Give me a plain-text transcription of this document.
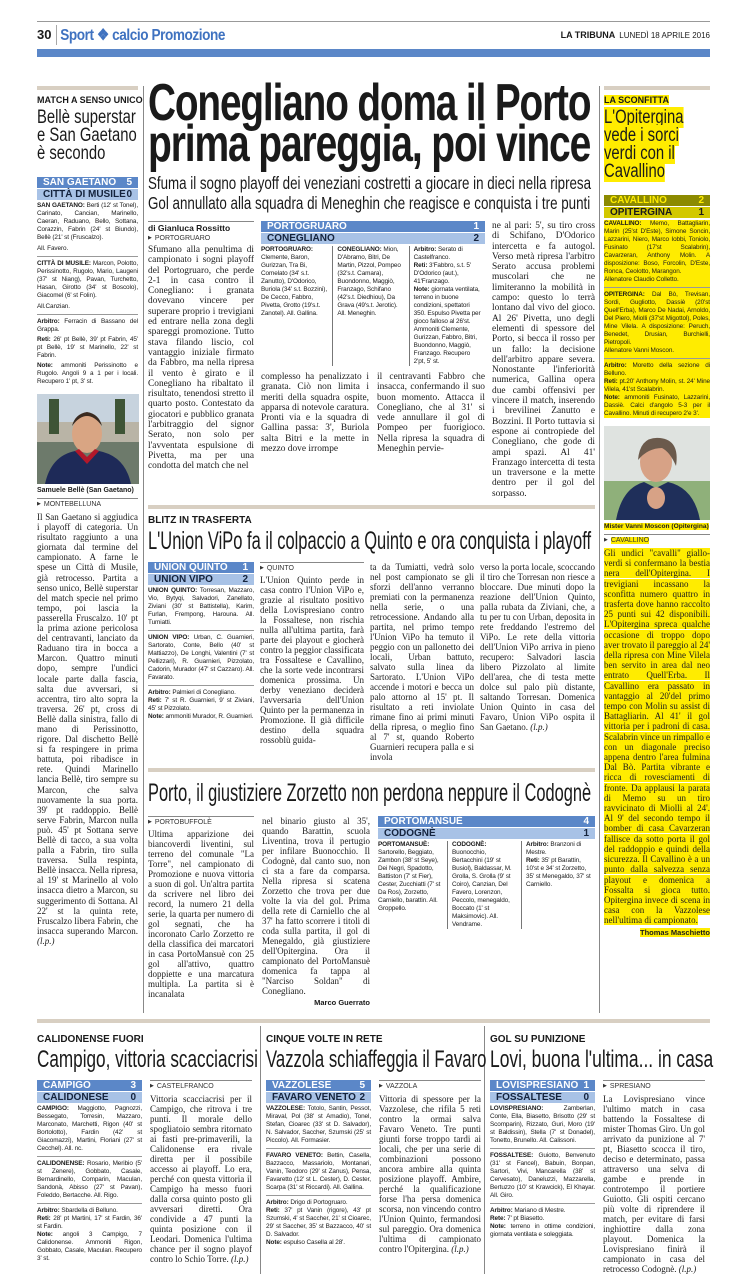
30 Sport ❖ calcio Promozione	LA TRIBUNA LUNEDÌ 18 APRILE 2016
MATCH A SENSO UNICO
Bellè superstar e San Gaetano è secondo
SAN GAETANO 5
CITTÀ DI MUSILE 0

SAN GAETANO: Berti (12' st Tonel), Carinato, Cancian, Marinello, Caeran, Raduano, Bello, Sottana, Corazzin, Fabrin (24' st Biundo), Bellè (21' st (Fruscalzo).

All. Favero.

CITTÀ DI MUSILE: Marcon, Polotto, Perissinotto, Rugolo, Mario, Laugeni (37' st Niang), Pavan, Turchetto, Hasan, Girotto (34' st Boscolo), Giacomel (6' st Folin).

All.Canzian.

Arbitro: Ferracin di Bassano del Grappa.

Reti: 26' pt Bellè, 39' pt Fabrin, 45' pt Bellè, 19' st Marinello, 22' st Fabrin.

Note: ammoniti Perissinotto e Rugolo. Angoli 9 a 1 per i locali. Recupero 1' pt, 3' st.

Samuele Bellè (San Gaetano)
▶ MONTEBELLUNA
Il San Gaetano si aggiudica i playoff di categoria. Un risultato raggiunto a una giornata dal termine del campionato. A farne le spese un Città di Musile, già retrocesso. Partita a senso unico, Bellè superstar del match specie nel primo tempo, poi lascia la passerella Fruscalzo. 10' pt la prima azione pericolosa del centravanti, lanciato da Raduano tira in bocca a Marcon. Quattro minuti dopo, sempre l'undici locale parte dalla fascia, salta due avversari, si accentra, tiro alto sopra la traversa. 26' pt, cross di Bellè dalla sinistra, fallo di mano di Perissinotto, rigore. Dal dischetto Bellè si fa respingere in prima battuta, poi ribadisce in rete. Quindi Marinello lancia Bellè, tiro sempre su Marcon, che salva nuovamente la sua porta. 39' pt raddoppio. Bellè serve Fabrin, Marcon nulla può. 45' pt Sottana serve Bellè di tacco, a sua volta palla a Fabrin, tiro sulla traversa. Sulla respinta, Bellè insacca. Nella ripresa, al 19' st Marinello al volo insacca dietro a Marcon, su suggerimento di Sottana. Al 22' st la quinta rete, Fruscalzo libera Fabrin, che insacca superando Marcon. (l.p.)
Conegliano doma il Porto
prima pareggia, poi vince
Sfuma il sogno playoff dei veneziani costretti a giocare in dieci nella ripresa
Gol annullato alla squadra di Meneghin che reagisce e conquista i tre punti
di Gianluca Rossitto
▶ PORTOGRUARO
Sfumano alla penultima di campionato i sogni playoff del Portogruaro, che perde 2-1 in casa contro il Conegliano: i granata dovevano vincere per superare proprio i trevigiani ed entrare nella zona degli spareggi promozione. Tutto stava filando liscio, col vantaggio iniziale firmato da Fabbro, ma nella ripresa il vento è girato e il Conegliano ha ribaltato il risultato, tenendosi stretto il quarto posto. Contestato da giocatori e pubblico granata l'arbitraggio del signor Serato, non solo per l'avventata espulsione di Pivetta, ma per una condotta del match che nel
PORTOGRUARO	1
CONEGLIANO	2
PORTOGRUARO: Clemente, Baron, Gurizzan, Tra Bi, Comelato (34' s.t. Zanutto), D'Odorico, Buriola (34' s.t. Bozzini), De Cecco, Fabbro, Pivetta, Grotto (19's.t. Zanotel). All. Gallina.
CONEGLIANO: Mion, D'Abramo, Bitri, De Martin, Pizzol, Pompeo (32's.t. Camara), Buondonno, Maggiò, Franzago, Schifano (42's.t. Diedhiou), Da Grava (49's.t. Jerotic). All. Meneghin.

Arbitro: Serato di Castelfranco.

Reti: 3'Fabbro, s.t. 5' D'Odorico (aut.), 41'Franzago.

Note: giornata ventilata, terreno in buone condizioni, spettatori 350. Espulso Pivetta per gioco falloso al 26'st. Ammoniti Clemente, Gurizzan, Fabbro, Bitri, Buondonno, Maggiò, Franzago. Recupero 2'pt, 5' st.

complesso ha penalizzato i granata. Ciò non limita i meriti della squadra ospite, apparsa di notevole caratura. Pronti via e la squadra di Gallina passa: 3', Buriola salta Bitri e la mette in mezzo dove irrompe
il centravanti Fabbro che insacca, confermando il suo buon momento. Attacca il Conegliano, che al 31' si vede annullare il gol di Pompeo per fuorigioco. Nella ripresa la squadra di Meneghin pervie-
ne al pari: 5', su tiro cross di Schifano, D'Odorico intercetta e fa autogol. Verso metà ripresa l'arbitro Serato accusa problemi muscolari che ne limiteranno la mobilità in campo: questo lo terrà lontano dal vivo del gioco. Al 26' Pivetta, uno degli elementi di spessore del Porto, si becca il rosso per un fallo: la decisione dell'arbitro appare severa. Nonostante l'inferiorità numerica, Gallina opera due cambi offensivi per vincere il match, inserendo i brevilinei Zanutto e Bozzini. Il Porto tuttavia si espone ai contropiede del Conegliano, che gode di ampi spazi. Al 41' Franzago intercetta di testa un traversone e la mette dentro per il gol del sorpasso.
BLITZ IN TRASFERTA
L'Union ViPo fa il colpaccio a Quinto e ora conquista i playoff
UNION QUINTO 1
UNION VIPO	2

UNION QUINTO: Torresan, Mazzaro, Vio, Bytyqi, Salvadori, Zanellato, Ziviani (30' st Battistella), Karim, Furlan, Frempong, Harouna. All. Tumiatti.

UNION VIPO: Urban, C. Guarnieri, Sartorato, Conte, Bello (40' st Mattiazzo), De Longhi, Valentini (7' st Pellizzari), R. Guarnieri, Pizzolato, Cadorin, Murador (47' st Cazzaro). All. Favarato.

Arbitro: Palmieri di Conegliano.

Reti: 7' st R. Guarnieri, 9' st Ziviani, 45' st Pizzolato.

Note: ammoniti Murador, R. Guarnieri.

▶ QUINTO
L'Union Quinto perde in casa contro l'Union ViPo e, grazie al risultato positivo della Lovispresiano contro la Fossaltese, non rischia nulla all'ultima partita, farà parte dei playout e giocherà contro la peggior classificata tra Fossaltese e Cavallino, che la sorte vede incontrarsi domenica prossima. Un derby veneziano deciderà l'avversaria dell'Union Quinto per la permanenza in Promozione. Il già difficile destino della squadra rossoblù guida-
ta da Tumiatti, vedrà solo nel post campionato se gli sforzi dell'anno verranno premiati con la permanenza nella serie, o una retrocessione. Andando alla partita, nel primo tempo l'Union ViPo ha temuto il peggio con un pallonetto dei locali, Urban battuto, salvato sulla linea da Sartorato. L'Union ViPo accende i motori e becca un palo attorno al 15' pt. Il risultato a reti inviolate rimane fino ai primi minuti della ripresa, o meglio fino al 7' st, quando Roberto Guarnieri recupera palla e si invola
verso la porta locale, scoccando il tiro che Torresan non riesce a bloccare. Due minuti dopo la reazione dell'Union Quinto, palla rubata da Ziviani, che, a tu per tu con Urban, deposita in rete freddando l'estremo del ViPo. Le rete della vittoria dell'Union ViPo arriva in pieno recupero: Salvadori lascia libero Pizzolato al limite dell'area, che di testa mette dolce sul palo più distante, saltando Torresan. Domenica Union Quinto in casa del Favaro, Union ViPo ospita il San Gaetano. (l.p.)
Porto, il giustiziere Zorzetto non perdona neppure il Codognè
▶ PORTOBUFFOLÈ
Ultima apparizione dei biancoverdi liventini, sul terreno del comunale "La Torre", nel campionato di Promozione e nuova vittoria a suon di gol. Un'altra partita da scrivere nel libro dei record, la numero 21 della serie, la quarta per numero di gol segnati, che ha incoronato Carlo Zorzetto re della classifica dei marcatori in casa PortoMansuè con 25 gol all'attivo, quattro doppiette e una marcatura multipla. La partita si è incanalata
nel binario giusto al 35', quando Barattin, scuola Liventina, trova il pertugio per infilare Buonocchio. Il Codognè, dal canto suo, non ci sta a fare da comparsa. Nella ripresa si scatena Zorzetto che trova per due volte la via del gol. Prima della rete di Carniello che al 37' ha fatto scorrere i titoli di coda sulla partita, il gol di Menegaldo, già giustiziere dell'Opitergina. Ora il campionato del PortoMansuè domenica fa tappa al "Narciso Soldan" di Conegliano.
Marco Guerrato
PORTOMANSUÈ	4
CODOGNÈ	1
PORTOMANSUÈ: Sartorello, Beggiato, Zambon (38' st Seye), Dei Negri, Spadotto, Battiston (7' st Fier), Cester, Zucchiatti (7' st Da Ros), Zorzetto, Carniello, barattin. All. Groppello.
CODOGNÈ: Buonocchio, Bertacchini (19' st Busiol), Baldassar, M. Grolla, S. Grolla (9' st Coiro), Canzian, Del Favero, Lorenzon, Peccolo, menegaldo, Boccato (1' st Maksimovic). All. Vendrame.

Arbitro: Branzoni di Mestre.

Reti: 35' pt Barattin, 10'st e 34' st Zorzetto, 35' st Menegaldo, 37' st Carniello.

LA SCONFITTA
L'Opitergina vede i sorci verdi con il Cavallino
CAVALLINO	2
OPITERGINA	1

CAVALLINO: Memo, Battagliarin, Marin (25'st D'Este), Simone Soncin, Lazzarini, Niero, Marco Iobbi, Toniolo, Fusinato (17'st Scalabrin), Cavarzeran, Anthony Molin. A disposizione: Boso, Forcolin, D'Este, Ronca, Ceolotto, Marangon.

Allenatore Claudio Colletto.

OPITERGINA: Dal Bò, Trevisan, Sordi, Gugliotto, Dassiè (20'st Quell'Erba), Marco De Nadai, Arnoldo, Del Piero, Miolli (37'st Migottol), Poles, Mine Vilela. A disposizione: Peruch, Benedet, Drusian, Burchielli, Pietropoli.

Allenatore Vanni Moscon.

Arbitro: Moretto della sezione di Belluno.

Reti: pt.20' Anthony Molin, st. 24' Mine Vilela, 41'st Scalabrin.

Note: ammoniti Fusinato, Lazzarini, Dassiè. Calci d'angolo 5-3 per il Cavallino. Minuti di recupero 2'e 3'.

Mister Vanni Moscon (Opitergina)
▶ CAVALLINO
Gli undici "cavalli" gialloverdi si confermano la bestia nera dell'Opitergina. I trevigiani incassano la sconfitta numero quattro in trasferta dove hanno raccolto 25 punti sui 42 disponibili. L'Opitergina spreca qualche occasione di troppo dopo aver trovato il pareggio al 24' della ripresa con Mine Vilela ben servito in area dal neo entrato Quell'Erba. Il Cavallino era passato in vantaggio al 20'del primo tempo con Molin su assist di Battagliarin. Al 41' il gol vittoria per i padroni di casa. Scalabrin vince un rimpallo e con un diagonale preciso appena dentro l'area fulmina Dal Bò. Partita vibrante e ricca di rovesciamenti di fronte. Da applausi la parata di Memo su un tiro ravvicinato di Miolli al 24'. Al 9' del secondo tempo il bomber di casa Cavarzeran fallisce da sotto porta il gol del raddoppio e quindi della sicurezza. Il Cavallino è a un punto dalla salvezza senza playout e domenica a Fossalta si gioca tutto. Opitergina invece di scena in casa con la Vazzolese nell'ultima di campionato.
Thomas Maschietto
CALIDONENSE FUORI
Campigo, vittoria scacciacrisi
CAMPIGO	3
CALIDONESE 0

CAMPIGO: Maggiotto, Pagnozzi, Bessegato, Torresin, Mazzaro, Marconato, Marchetti, Rigon (40' st Bortolotto), Fardin (42' st Giacomazzi), Martini, Floriani (27' st Cecchel). All. nc.

CALIDONENSE: Rosario, Meribio (5' st Zenere), Gobbato, Casale, Bernardinello, Comparin, Maculan, Sandonà, Abisso (27' st Pavan), Foleddo, Bertacche. All. Rigo.

Arbitro: Sbardella di Belluno.

Reti: 28' pt Martini, 17' st Fardin, 36' st Fardin.

Note: angoli 3 Campigo, 7 Calidonense. Ammoniti Rigon, Gobbato, Casale, Maculan. Recupero 3' st.

▶ CASTELFRANCO
Vittoria scacciacrisi per il Campigo, che ritrova i tre punti. Il morale dello spogliatoio sembra ritornato ai fasti pre-primaverili, la Calidonense era rivale diretta per il possibile accesso ai playoff. Lo era, perché con questa vittoria il Campigo ha messo fuori dalla corsa quinto posto gli avversari diretti. Ora condivide a 47 punti la quinta posizione con il Leodari. Domenica l'ultima chance per il sogno playof contro lo Schio Torre. (l.p.)
CINQUE VOLTE IN RETE
Vazzola schiaffeggia il Favaro
VAZZOLESE	5
FAVARO VENETO 2

VAZZOLESE: Totolo, Santin, Pessot, Miraval, Pol (38' st Amadio), Tonel, Stefan, Cioarec (33' st D. Salvador), N. Salvador, Saccher, Szumski (25' st Piccolo). All. Formasier.

FAVARO VENETO: Bettin, Casella, Bazzacco, Massariolo, Montanari, Vanin, Teodoro (29' st Zanus), Pensa, Favaretto (12' st L. Cester), D. Cester, Scarpa (31' st Riccardi). All. Gallina.

Arbitro: Drigo di Portogruaro.

Reti: 37' pt Vanin (rigore), 43' pt Szumski, 4' st Saccher, 21' st Cioarec, 29' st Saccher, 35' st Bazzacco, 40' st D. Salvador.

Note: espulso Casella al 28'.

▶ VAZZOLA
Vittoria di spessore per la Vazzolese, che rifila 5 reti contro la ormai salva Favaro Veneto. Tre punti giunti forse troppo tardi ai locali, che per una serie di combinazioni possono ancora ambire alla quinta posizione playoff. Ambire, perché la qualificazione forse l'ha persa domenica scorsa, non vincendo contro l'Union Quinto, fermandosi sul pareggio. Ora domenica l'ultima di campionato contro l'Opitergina. (l.p.)
GOL SU PUNIZIONE
Lovi, buona l'ultima... in casa
LOVISPRESIANO 1
FOSSALTESE 0

LOVISPRESIANO:	Zamberlan, Conte, Ella, Biasetto, Brisotto (29' st Scomparin), Rizzato, Guri, Moro (19' st Baldissin), Stella (7' st Donadel), Tonetto, Brunello. All. Calissoni.

FOSSALTESE: Guiotto, Benvenuto (31' st Fancel), Babuin, Bonpan, Sartori, Vivi, Mancarella (38' st Cervesato), Daneluzzi, Mazzarella, Bertuzzo (10' st Krawcick), El Khayar. All. Giro.

Arbitro: Mariano di Mestre.

Rete: 7' pt Biasetto.

Note: terreno in ottime condizioni, giornata ventilata e soleggiata.

▶ SPRESIANO
La Lovispresiano vince l'ultimo match in casa battendo la Fossaltese di mister Thomas Giro. Un gol arrivato da punizione al 7' pt, Biasetto scocca il tiro, deciso e determinato, passa attraverso una selva di gambe e prende in controtempo il portiere Guiotto. Gli ospiti cercano più volte di riprendere il match, per evitare di farsi inghiottire dalla zona playout. Domenica la Lovispresiano finirà il campionato in casa del retrocesso Codognè. (l.p.)
